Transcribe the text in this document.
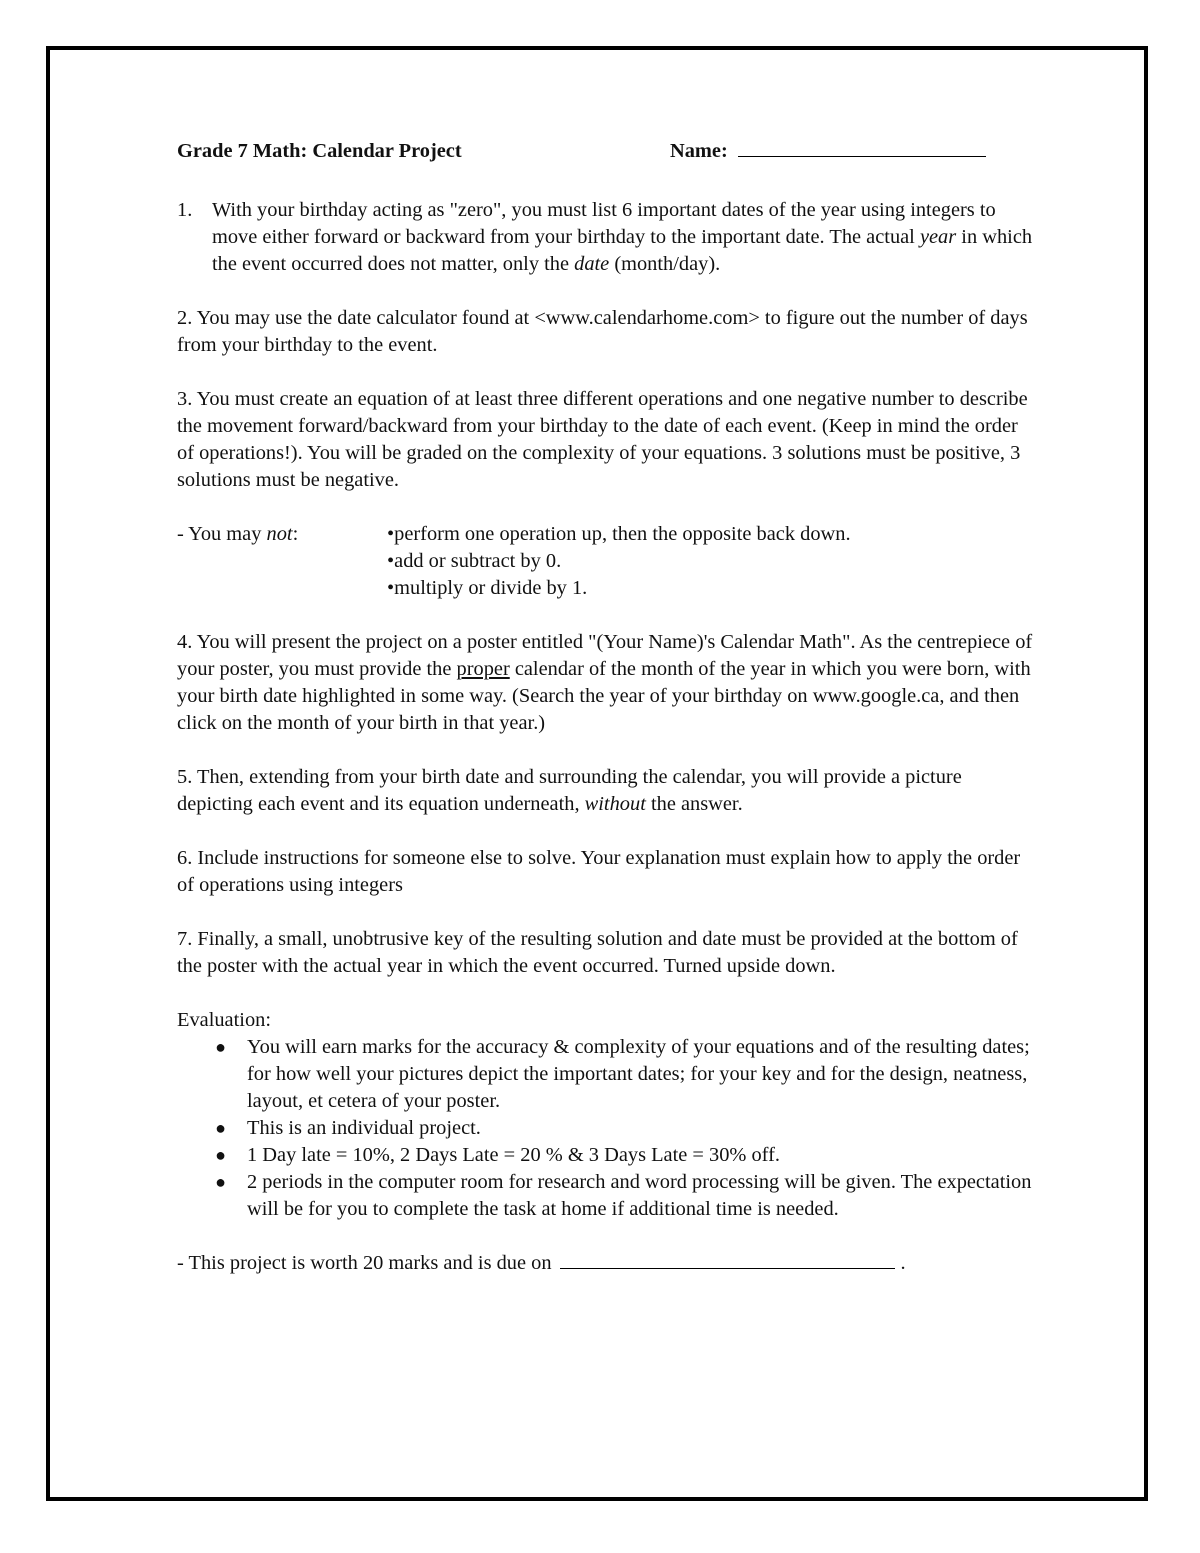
Grade 7 Math: Calendar Project	Name:
1. With your birthday acting as "zero", you must list 6 important dates of the year using integers to move either forward or backward from your birthday to the important date. The actual year in which the event occurred does not matter, only the date (month/day).

2. You may use the date calculator found at <www.calendarhome.com> to figure out the number of days from your birthday to the event.

3. You must create an equation of at least three different operations and one negative number to describe the movement forward/backward from your birthday to the date of each event. (Keep in mind the order of operations!). You will be graded on the complexity of your equations. 3 solutions must be positive, 3 solutions must be negative.

- You may not:	•perform one operation up, then the opposite back down.
•add or subtract by 0.
•multiply or divide by 1.

4. You will present the project on a poster entitled "(Your Name)'s Calendar Math". As the centrepiece of your poster, you must provide the proper calendar of the month of the year in which you were born, with your birth date highlighted in some way. (Search the year of your birthday on www.google.ca, and then click on the month of your birth in that year.)

5. Then, extending from your birth date and surrounding the calendar, you will provide a picture depicting each event and its equation underneath, without the answer.

6. Include instructions for someone else to solve. Your explanation must explain how to apply the order of operations using integers

7. Finally, a small, unobtrusive key of the resulting solution and date must be provided at the bottom of the poster with the actual year in which the event occurred. Turned upside down.

Evaluation:
●	You will earn marks for the accuracy & complexity of your equations and of the resulting dates; for how well your pictures depict the important dates; for your key and for the design, neatness, layout, et cetera of your poster.
●	This is an individual project.
●	1 Day late = 10%, 2 Days Late = 20 % & 3 Days Late = 30% off.
●	2 periods in the computer room for research and word processing will be given. The expectation will be for you to complete the task at home if additional time is needed.

- This project is worth 20 marks and is due on	.
